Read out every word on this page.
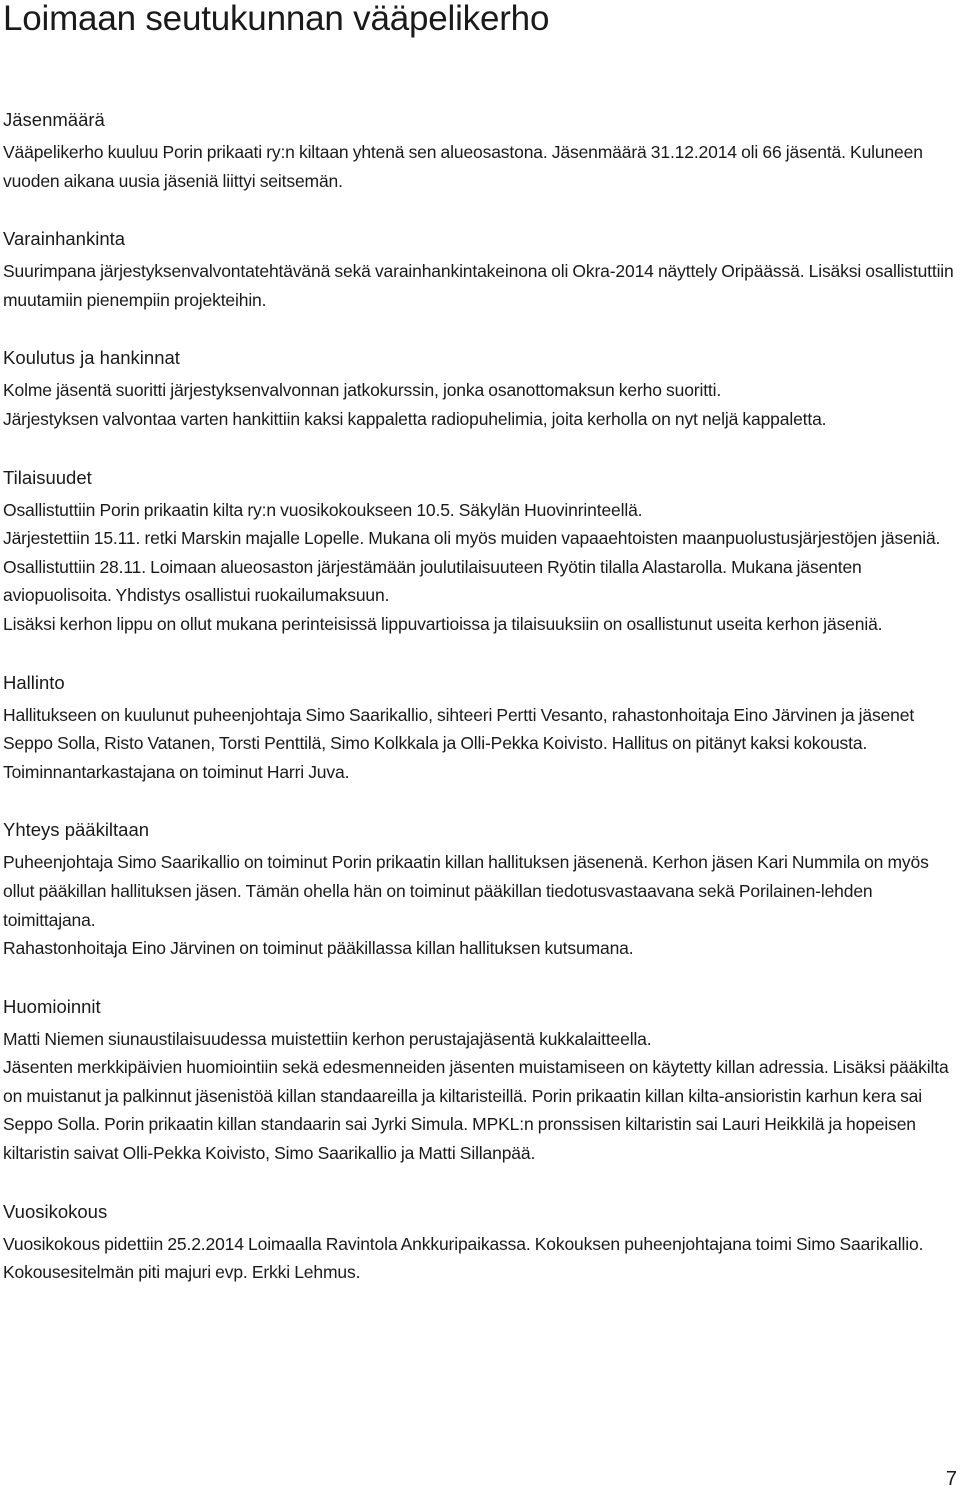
Loimaan seutukunnan vääpelikerho
Jäsenmäärä

Vääpelikerho kuuluu Porin prikaati ry:n kiltaan yhtenä sen alueosastona. Jäsenmäärä 31.12.2014 oli 66 jäsentä. Kuluneen vuoden aikana uusia jäseniä liittyi seitsemän.

Varainhankinta

Suurimpana järjestyksenvalvontatehtävänä sekä varainhankintakeinona oli Okra-2014 näyttely Oripäässä. Lisäksi osallistuttiin muutamiin pienempiin projekteihin.

Koulutus ja hankinnat

Kolme jäsentä suoritti järjestyksenvalvonnan jatkokurssin, jonka osanottomaksun kerho suoritti.

Järjestyksen valvontaa varten hankittiin kaksi kappaletta radiopuhelimia, joita kerholla on nyt neljä kappaletta.

Tilaisuudet

Osallistuttiin Porin prikaatin kilta ry:n vuosikokoukseen 10.5. Säkylän Huovinrinteellä.

Järjestettiin 15.11. retki Marskin majalle Lopelle. Mukana oli myös muiden vapaaehtoisten maanpuolustusjärjestöjen jäseniä.

Osallistuttiin 28.11. Loimaan alueosaston järjestämään joulutilaisuuteen Ryötin tilalla Alastarolla. Mukana jäsenten aviopuolisoita. Yhdistys osallistui ruokailumaksuun.

Lisäksi kerhon lippu on ollut mukana perinteisissä lippuvartioissa ja tilaisuuksiin on osallistunut useita kerhon jäseniä.

Hallinto

Hallitukseen on kuulunut puheenjohtaja Simo Saarikallio, sihteeri Pertti Vesanto, rahastonhoitaja Eino Järvinen ja jäsenet Seppo Solla, Risto Vatanen, Torsti Penttilä, Simo Kolkkala ja Olli-Pekka Koivisto. Hallitus on pitänyt kaksi kokousta. Toiminnantarkastajana on toiminut Harri Juva.

Yhteys pääkiltaan

Puheenjohtaja Simo Saarikallio on toiminut Porin prikaatin killan hallituksen jäsenenä. Kerhon jäsen Kari Nummila on myös ollut pääkillan hallituksen jäsen. Tämän ohella hän on toiminut pääkillan tiedotusvastaavana sekä Porilainen-lehden toimittajana.

Rahastonhoitaja Eino Järvinen on toiminut pääkillassa killan hallituksen kutsumana.

Huomioinnit

Matti Niemen siunaustilaisuudessa muistettiin kerhon perustajajäsentä kukkalaitteella.

Jäsenten merkkipäivien huomiointiin sekä edesmenneiden jäsenten muistamiseen on käytetty killan adressia. Lisäksi pääkilta on muistanut ja palkinnut jäsenistöä killan standaareilla ja kiltaristeillä. Porin prikaatin killan kilta-ansioristin karhun kera sai Seppo Solla. Porin prikaatin killan standaarin sai Jyrki Simula. MPKL:n pronssisen kiltaristin sai Lauri Heikkilä ja hopeisen kiltaristin saivat Olli-Pekka Koivisto, Simo Saarikallio ja Matti Sillanpää.

Vuosikokous

Vuosikokous pidettiin 25.2.2014 Loimaalla Ravintola Ankkuripaikassa. Kokouksen puheenjohtajana toimi Simo Saarikallio. Kokousesitelmän piti majuri evp. Erkki Lehmus.

7
